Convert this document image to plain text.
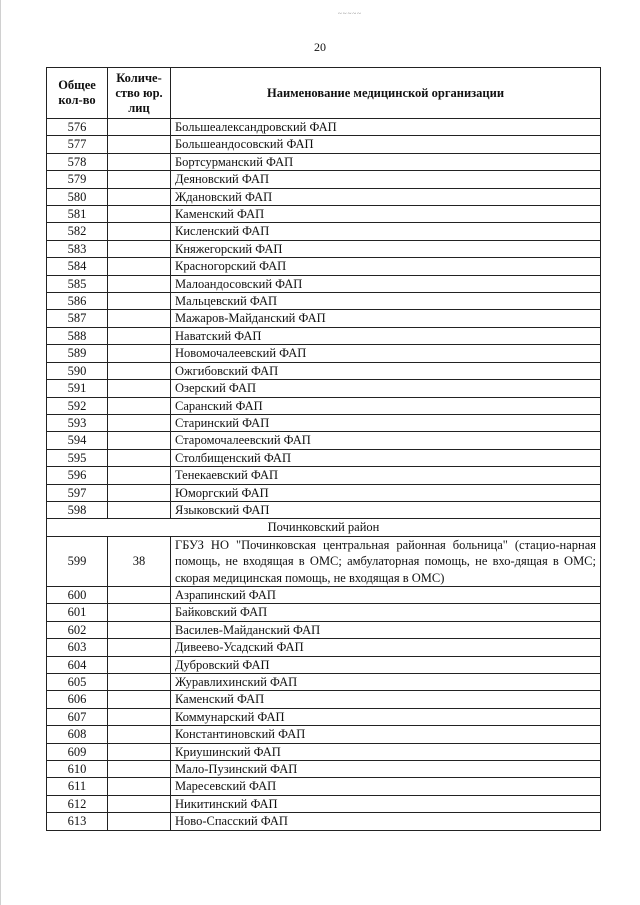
~~~~~
20
Общее кол-во	Количе-ство юр. лиц	Наименование медицинской организации
576		Большеалександровский ФАП
577		Большеандосовский ФАП
578		Бортсурманский ФАП
579		Деяновский ФАП
580		Ждановский ФАП
581		Каменский ФАП
582		Кисленский ФАП
583		Княжегорский ФАП
584		Красногорский ФАП
585		Малоандосовский ФАП
586		Мальцевский ФАП
587		Мажаров-Майданский ФАП
588		Наватский ФАП
589		Новомочалеевский ФАП
590		Ожгибовский ФАП
591		Озерский ФАП
592		Саранский ФАП
593		Старинский ФАП
594		Старомочалеевский ФАП
595		Столбищенский ФАП
596		Тенекаевский ФАП
597		Юморгский ФАП
598		Языковский ФАП
Починковский район		
599	38	ГБУЗ НО "Починковская центральная районная больница" (стацио-нарная помощь, не входящая в ОМС; амбулаторная помощь, не вхо-дящая в ОМС; скорая медицинская помощь, не входящая в ОМС)
600		Азрапинский ФАП
601		Байковский ФАП
602		Василев-Майданский ФАП
603		Дивеево-Усадский ФАП
604		Дубровский ФАП
605		Журавлихинский ФАП
606		Каменский ФАП
607		Коммунарский ФАП
608		Константиновский ФАП
609		Криушинский ФАП
610		Мало-Пузинский ФАП
611		Маресевский ФАП
612		Никитинский ФАП
613		Ново-Спасский ФАП
